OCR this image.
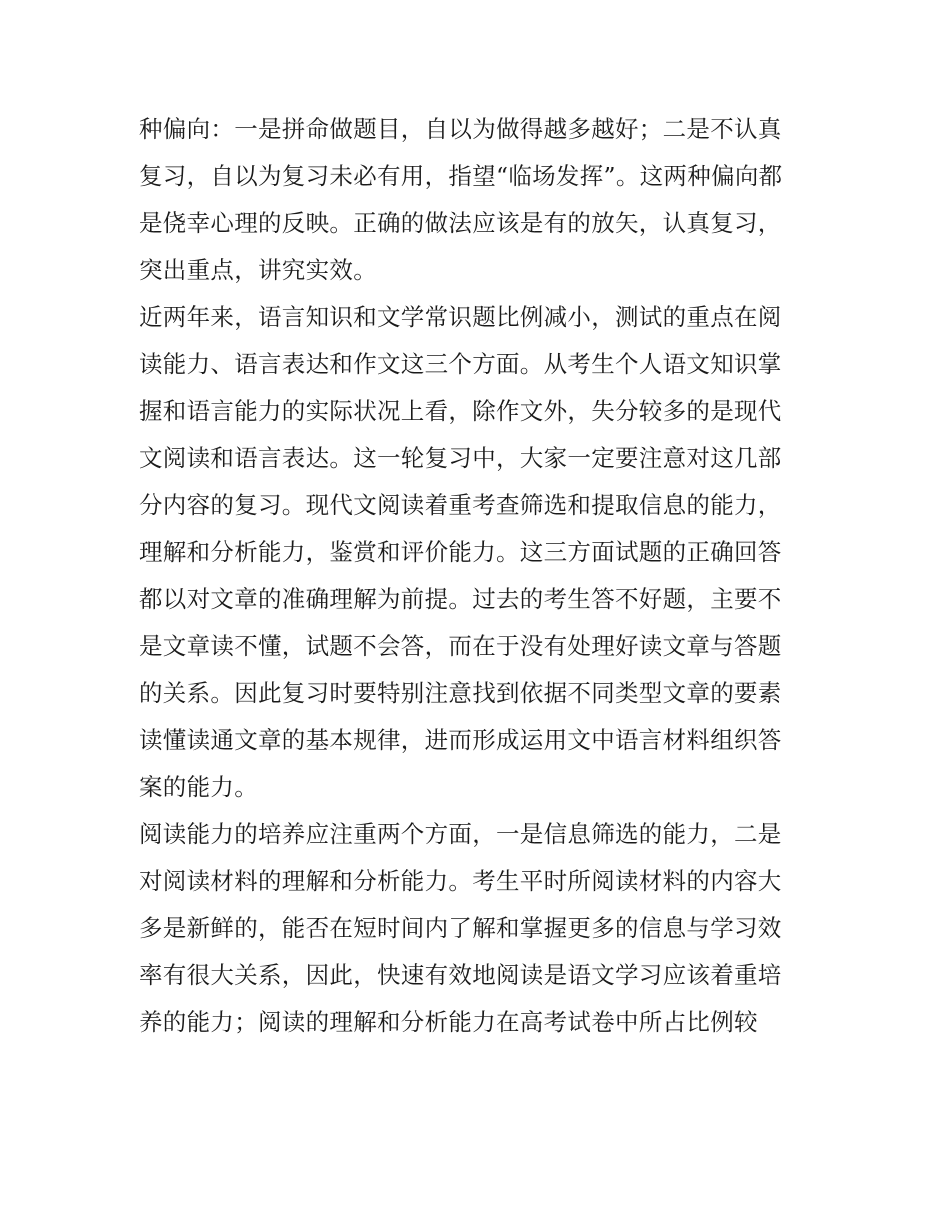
种偏向：一是拼命做题目，自以为做得越多越好；二是不认真
复习，自以为复习未必有用，指望“临场发挥”。这两种偏向都
是侥幸心理的反映。正确的做法应该是有的放矢，认真复习，
突出重点，讲究实效。
近两年来，语言知识和文学常识题比例减小，测试的重点在阅
读能力、语言表达和作文这三个方面。从考生个人语文知识掌
握和语言能力的实际状况上看，除作文外，失分较多的是现代
文阅读和语言表达。这一轮复习中，大家一定要注意对这几部
分内容的复习。现代文阅读着重考查筛选和提取信息的能力，
理解和分析能力，鉴赏和评价能力。这三方面试题的正确回答
都以对文章的准确理解为前提。过去的考生答不好题，主要不
是文章读不懂，试题不会答，而在于没有处理好读文章与答题
的关系。因此复习时要特别注意找到依据不同类型文章的要素
读懂读通文章的基本规律，进而形成运用文中语言材料组织答
案的能力。
阅读能力的培养应注重两个方面，一是信息筛选的能力，二是
对阅读材料的理解和分析能力。考生平时所阅读材料的内容大
多是新鲜的，能否在短时间内了解和掌握更多的信息与学习效
率有很大关系，因此，快速有效地阅读是语文学习应该着重培
养的能力；阅读的理解和分析能力在高考试卷中所占比例较
